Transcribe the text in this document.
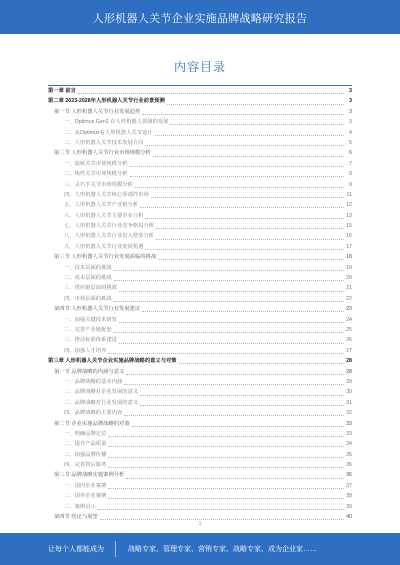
人形机器人关节企业实施品牌战略研究报告
内容目录
第一章 前言	3
第二章 2023-2028年人形机器人关节行业前景预测	3
第一节 人形机器人关节行业发展趋势	3
一、Optimus Gen2 在人形机器人领域的发展	3
二、从Optimus看人形机器人关节设计	4
三、人形机器人关节技术发展方向	5
第二节 人形机器人关节行业市场规模分析	6
一、旋转关节市场规模分析	7
二、线性关节市场规模分析	8
三、灵巧手关节市场规模分析	9
四、人形机器人关节核心零部件市场	11
五、人形机器人关节产业链分析	12
六、人形机器人关节主要企业分析	13
七、人形机器人关节行业竞争格局分析	15
八、人形机器人关节行业进入壁垒分析	16
九、人形机器人关节行业发展机遇	17
第三节 人形机器人关节行业发展面临的挑战	18
一、技术层面的挑战	19
二、成本层面的挑战	20
三、供应链层面的挑战	21
四、市场层面的挑战	22
第四节 人形机器人关节行业发展建议	23
一、加强关键技术研发	24
二、完善产业链配套	25
三、推动标准体系建设	26
四、加强人才培养	27
第三章 人形机器人关节企业实施品牌战略的意义与对策	28
第一节 品牌战略的内涵与意义	28
一、品牌战略的基本内涵	29
二、品牌战略对企业发展的意义	30
三、品牌战略对行业发展的意义	31
四、品牌战略的主要内容	32
第二节 企业实施品牌战略的对策	33
一、明确品牌定位	33
二、提升产品质量	34
三、加强品牌传播	35
四、完善售后服务	36
第三节 品牌战略实施案例分析	36
一、国内企业案例	37
二、国外企业案例	38
三、案例启示	39
第四节 结论与展望	40
1
让每个人都能成为	战略专家、管理专家、营销专家、战略专家、成为企业家……
